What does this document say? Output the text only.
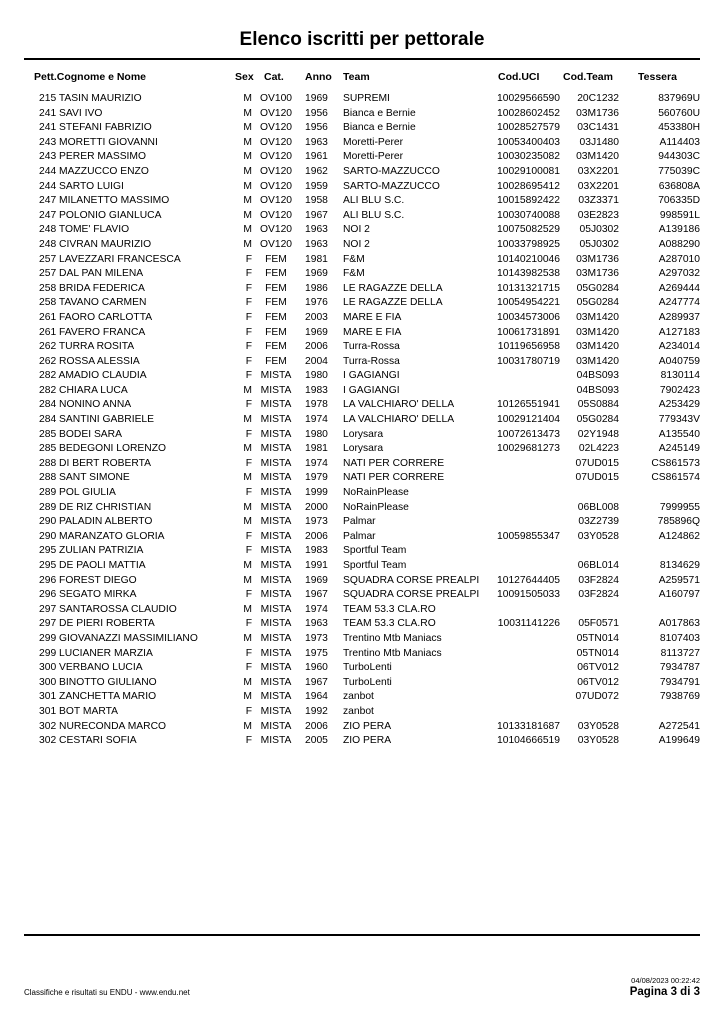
Elenco iscritti per pettorale
Pett.Cognome e Nome	Sex Cat. Anno Team	Cod.UCI Cod.Team Tessera
215 TASIN MAURIZIO	M OV100	1969 SUPREMI	10029566590	20C1232	837969U
241 SAVI IVO	M OV120	1956 Bianca e Bernie	10028602452	03M1736	560760U
241 STEFANI FABRIZIO	M OV120	1956 Bianca e Bernie	10028527579	03C1431	453380H
243 MORETTI GIOVANNI	M OV120	1963 Moretti-Perer	10053400403	03J1480	A114403
243 PERER MASSIMO	M OV120	1961 Moretti-Perer	10030235082	03M1420	944303C
244 MAZZUCCO ENZO	M OV120	1962 SARTO-MAZZUCCO	10029100081	03X2201	775039C
244 SARTO LUIGI	M OV120	1959 SARTO-MAZZUCCO	10028695412	03X2201	636808A
247 MILANETTO MASSIMO	M OV120	1958 ALI BLU S.C.	10015892422	03Z3371	706335D
247 POLONIO GIANLUCA	M OV120	1967 ALI BLU S.C.	10030740088	03E2823	998591L
248 TOME' FLAVIO	M OV120	1963 NOI 2	10075082529	05J0302	A139186
248 CIVRAN MAURIZIO	M OV120	1963 NOI 2	10033798925	05J0302	A088290
257 LAVEZZARI FRANCESCA	F	FEM	1981 F&M	10140210046	03M1736	A287010
257 DAL PAN MILENA	F	FEM	1969 F&M	10143982538	03M1736	A297032
258 BRIDA FEDERICA	F	FEM	1986 LE RAGAZZE DELLA	10131321715	05G0284	A269444
258 TAVANO CARMEN	F	FEM	1976 LE RAGAZZE DELLA	10054954221	05G0284	A247774
261 FAORO CARLOTTA	F	FEM	2003 MARE E FIA	10034573006	03M1420	A289937
261 FAVERO FRANCA	F	FEM	1969 MARE E FIA	10061731891	03M1420	A127183
262 TURRA ROSITA	F	FEM	2006 Turra-Rossa	10119656958	03M1420	A234014
262 ROSSA ALESSIA	F	FEM	2004 Turra-Rossa	10031780719	03M1420	A040759
282 AMADIO CLAUDIA	F MISTA	1980 I GAGIANGI	04BS093	8130114
282 CHIARA LUCA	M MISTA	1983 I GAGIANGI	04BS093	7902423
284 NONINO ANNA	F MISTA	1978 LA VALCHIARO' DELLA	10126551941	05S0884	A253429
284 SANTINI GABRIELE	M MISTA	1974 LA VALCHIARO' DELLA	10029121404	05G0284	779343V
285 BODEI SARA	F MISTA	1980 Lorysara	10072613473	02Y1948	A135540
285 BEDEGONI LORENZO	M MISTA	1981 Lorysara	10029681273	02L4223	A245149
288 DI BERT ROBERTA	F MISTA	1974 NATI PER CORRERE	07UD015	CS861573
288 SANT SIMONE	M MISTA	1979 NATI PER CORRERE	07UD015	CS861574
289 POL GIULIA	F MISTA	1999 NoRainPlease
289 DE RIZ CHRISTIAN	M MISTA	2000 NoRainPlease	06BL008	7999955
290 PALADIN ALBERTO	M MISTA	1973 Palmar	03Z2739	785896Q
290 MARANZATO GLORIA	F MISTA	2006 Palmar	10059855347	03Y0528	A124862
295 ZULIAN PATRIZIA	F MISTA	1983 Sportful Team
295 DE PAOLI MATTIA	M MISTA	1991 Sportful Team	06BL014	8134629
296 FOREST DIEGO	M MISTA	1969 SQUADRA CORSE PREALPI	10127644405	03F2824	A259571
296 SEGATO MIRKA	F MISTA	1967 SQUADRA CORSE PREALPI	10091505033	03F2824	A160797
297 SANTAROSSA CLAUDIO	M MISTA	1974 TEAM 53.3 CLA.RO
297 DE PIERI ROBERTA	F MISTA	1963 TEAM 53.3 CLA.RO	10031141226	05F0571	A017863
299 GIOVANAZZI MASSIMILIANO	M MISTA	1973 Trentino Mtb Maniacs	05TN014	8107403
299 LUCIANER MARZIA	F MISTA	1975 Trentino Mtb Maniacs	05TN014	8113727
300 VERBANO LUCIA	F MISTA	1960 TurboLenti	06TV012	7934787
300 BINOTTO GIULIANO	M MISTA	1967 TurboLenti	06TV012	7934791
301 ZANCHETTA MARIO	M MISTA	1964 zanbot	07UD072	7938769
301 BOT MARTA	F MISTA	1992 zanbot
302 NURECONDA MARCO	M MISTA	2006 ZIO PERA	10133181687	03Y0528	A272541
302 CESTARI SOFIA	F MISTA	2005 ZIO PERA	10104666519	03Y0528	A199649
Classifiche e risultati su ENDU - www.endu.net
04/08/2023 00:22:42
Pagina 3 di 3
